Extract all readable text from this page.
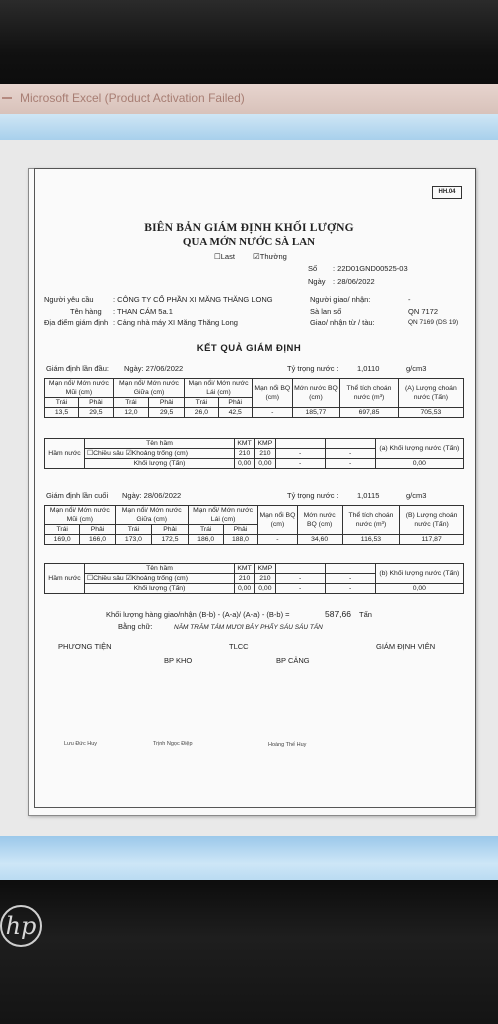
Microsoft Excel (Product Activation Failed)
HH.04
BIÊN BẢN GIÁM ĐỊNH KHỐI LƯỢNG
QUA MỚN NƯỚC SÀ LAN
☐Last ☑Thường
Số : 22D01GND00525-03
Ngày : 28/06/2022
Người yêu cầu	: CÔNG TY CỔ PHẦN XI MĂNG THĂNG LONG
Tên hàng : THAN CÁM 5a.1
Địa điểm giám định : Cảng nhà máy XI Măng Thăng Long
Người giao/ nhận:	-
Sà lan số	QN 7172
Giao/ nhận từ / tàu:	QN 7169 (DS 19)
KẾT QUẢ GIÁM ĐỊNH
Giám định lần đầu: Ngày: 27/06/2022	Tỷ trọng nước : 1,0110	g/cm3
Mạn nổi/ Mớn nước Mũi (cm)		Mạn nổi/ Mớn nước Giữa (cm)		Mạn nổi/ Mớn nước Lái (cm)		Mạn nổi BQ (cm)	Mớn nước BQ (cm)	Thể tích choán nước (m³)	(A) Lượng choán nước (Tấn)
Trái	Phải	Trái	Phải	Trái	Phải				
13,5	29,5	12,0	29,5	26,0	42,5	-	185,77	697,85	705,53
Hầm nước	Tên hầm	KMT	KMP			(a) Khối lượng nước (Tấn)
	☐Chiều sâu ☑Khoảng trống (cm)	210	210	-	-	
	Khối lượng (Tấn)	0,00	0,00	-	-	0,00
Giám định lần cuối Ngày: 28/06/2022	Tỷ trọng nước : 1,0115	g/cm3
Mạn nổi/ Mớn nước Mũi (cm)		Mạn nổi/ Mớn nước Giữa (cm)		Mạn nổi/ Mớn nước Lái (cm)		Mạn nổi BQ (cm)	Mớn nước BQ (cm)	Thể tích choán nước (m³)	(B) Lượng choán nước (Tấn)
Trái	Phải	Trái	Phải	Trái	Phải				
169,0	166,0	173,0	172,5	186,0	188,0	-	34,60	116,53	117,87
Hầm nước	Tên hầm	KMT	KMP			(b) Khối lượng nước (Tấn)
	☐Chiều sâu ☑Khoảng trống (cm)	210	210	-	-	
	Khối lượng (Tấn)	0,00	0,00	-	-	0,00
Khối lượng hàng giao/nhận (B-b) - (A-a)/ (A-a) - (B-b) =	587,66 Tấn
Bằng chữ:	NĂM TRĂM TÁM MƯƠI BẢY PHẨY SÁU SÁU TẤN
PHƯƠNG TIỆN	TLCC	GIÁM ĐỊNH VIÊN
BP KHO	BP CẢNG
Lưu Đức Huy	Trịnh Ngọc Điệp	Hoàng Thế Huy
hp
